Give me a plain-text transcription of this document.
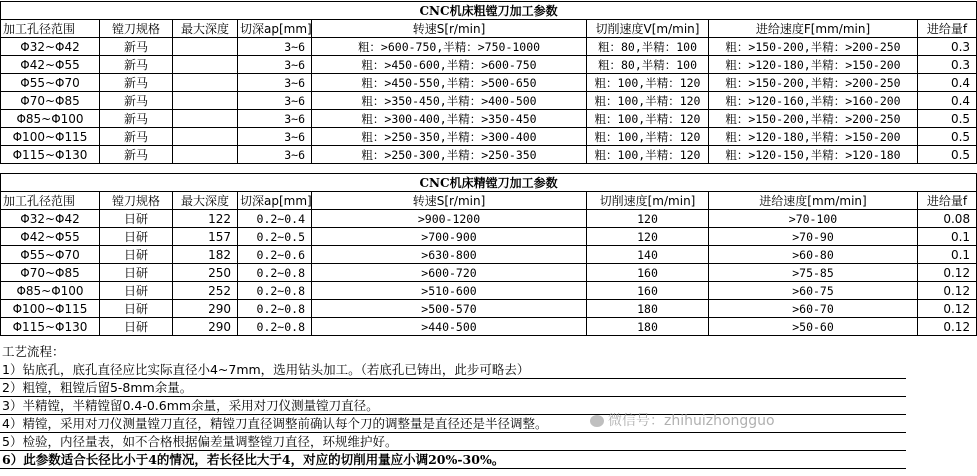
CNC机床粗镗刀加工参数							
加工孔径范围	镗刀规格	最大深度	切深ap[mm]	转速S[r/min]	切削速度V[m/min]	进给速度F[mm/min]	进给量f
Φ32~Φ42	新马		3~6	粗：>600-750,半精：>750-1000	粗：80,半精：100	粗：>150-200,半精：>200-250	0.3
Φ42~Φ55	新马		3~6	粗：>450-600,半精：>600-750	粗：80,半精：100	粗：>120-180,半精：>150-200	0.3
Φ55~Φ70	新马		3~6	粗：>450-550,半精：>500-650	粗：100,半精：120	粗：>150-200,半精：>200-250	0.4
Φ70~Φ85	新马		3~6	粗：>350-450,半精：>400-500	粗：100,半精：120	粗：>120-160,半精：>160-200	0.4
Φ85~Φ100	新马		3~6	粗：>300-400,半精：>350-450	粗：100,半精：120	粗：>150-200,半精：>200-250	0.5
Φ100~Φ115	新马		3~6	粗：>250-350,半精：>300-400	粗：100,半精：120	粗：>120-180,半精：>150-200	0.5
Φ115~Φ130	新马		3~6	粗：>250-300,半精：>250-350	粗：100,半精：120	粗：>120-150,半精：>120-180	0.5
CNC机床精镗刀加工参数							
加工孔径范围	镗刀规格	最大深度	切深ap[mm]	转速S[r/min]	切削速度[m/min]	进给速度[mm/min]	进给量f
Φ32~Φ42	日研	122	0.2~0.4	>900-1200	120	>70-100	0.08
Φ42~Φ55	日研	157	0.2~0.5	>700-900	120	>70-90	0.1
Φ55~Φ70	日研	182	0.2~0.6	>630-800	140	>60-80	0.1
Φ70~Φ85	日研	250	0.2~0.8	>600-720	160	>75-85	0.12
Φ85~Φ100	日研	252	0.2~0.8	>510-600	160	>60-75	0.12
Φ100~Φ115	日研	290	0.2~0.8	>500-570	180	>60-70	0.12
Φ115~Φ130	日研	290	0.2~0.8	>440-500	180	>50-60	0.12
工艺流程：
1）钻底孔，底孔直径应比实际直径小4~7mm，选用钻头加工。（若底孔已铸出，此步可略去）
2）粗镗，粗镗后留5-8mm余量。
3）半精镗，半精镗留0.4-0.6mm余量，采用对刀仪测量镗刀直径。
4）精镗，采用对刀仪测量镗刀直径，精镗刀直径调整前确认每个刀的调整量是直径还是半径调整。
5）检验，内径量表，如不合格根据偏差量调整镗刀直径，环规维护好。
6）此参数适合长径比小于4的情况，若长径比大于4，对应的切削用量应小调20%-30%。
微信号：zhihuizhongguo
